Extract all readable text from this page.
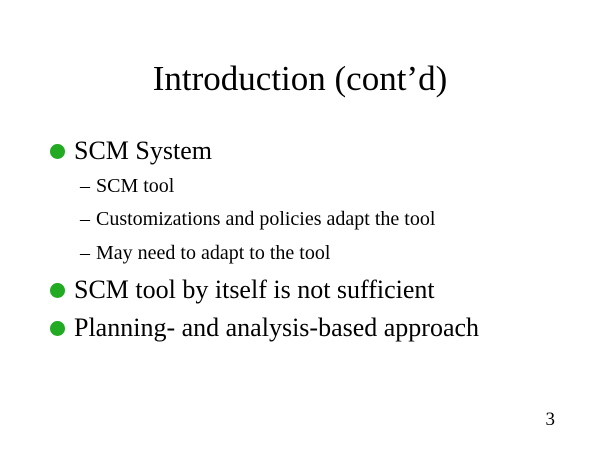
Introduction (cont’d)
SCM System
– SCM tool
– Customizations and policies adapt the tool
– May need to adapt to the tool
SCM tool by itself is not sufficient
Planning- and analysis-based approach
3
